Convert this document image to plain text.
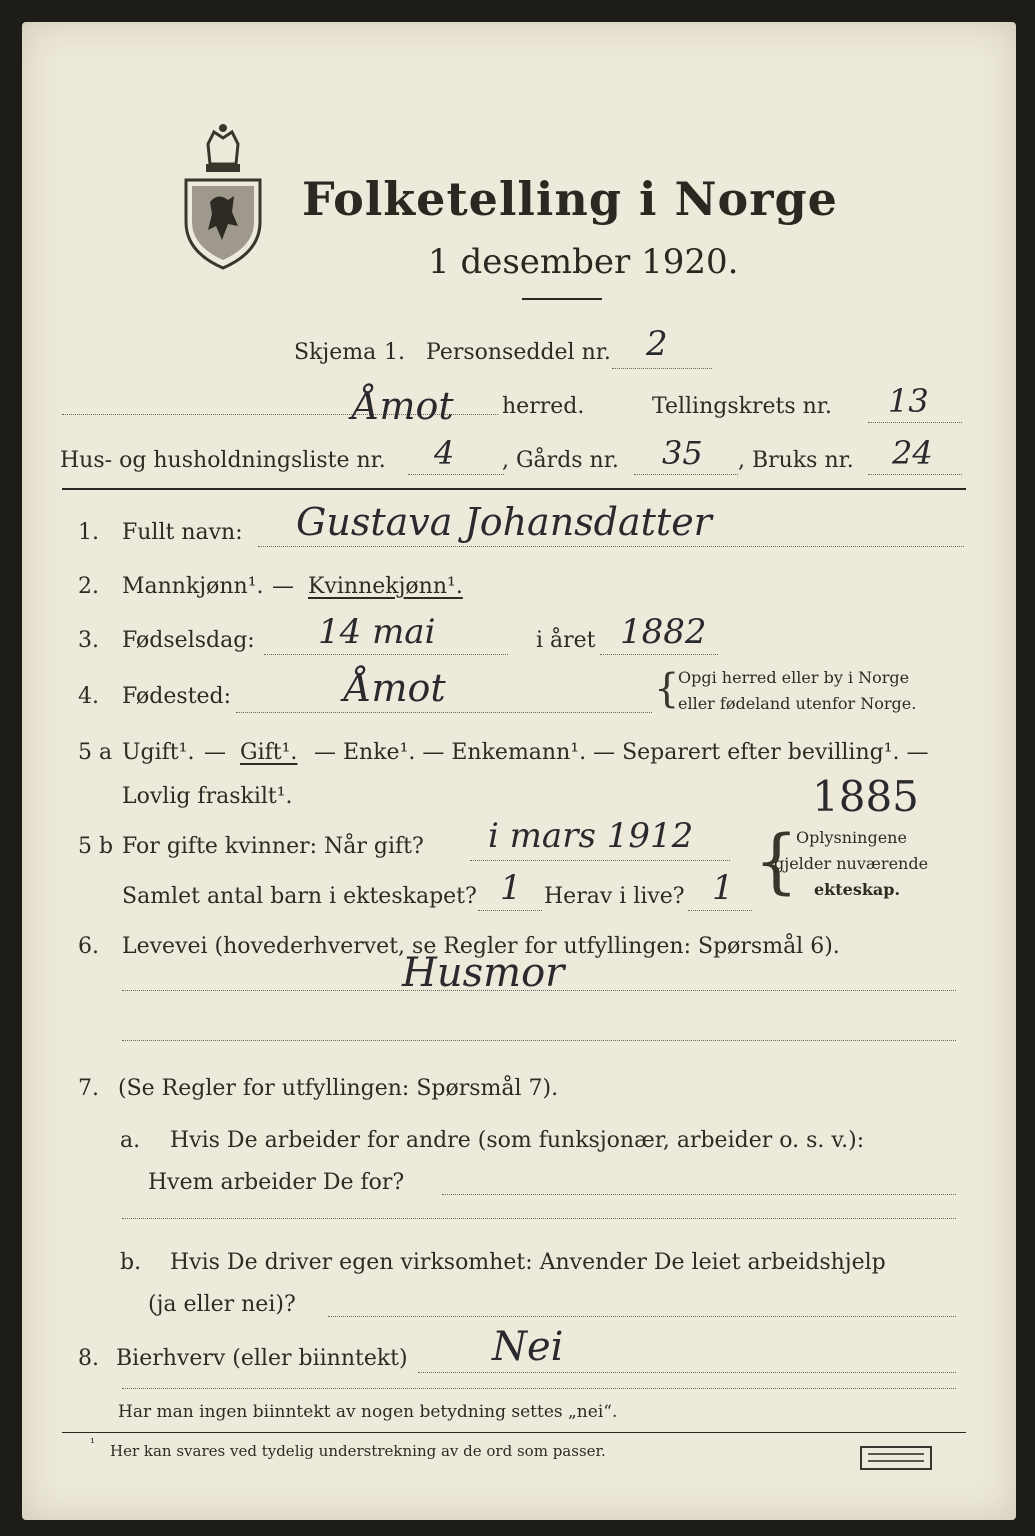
Folketelling i Norge
1 desember 1920.
Skjema 1. Personseddel nr. 2
Åmot herred.	Tellingskrets nr. 13
Hus- og husholdningsliste nr. 4 , Gårds nr. 35 , Bruks nr. 24
1. Fullt navn: Gustava Johansdatter
2. Mannkjønn¹. — Kvinnekjønn¹.
3. Fødselsdag: 14 mai	i året 1882
4. Fødested:	Åmot	{
Opgi herred eller by i Norge
eller fødeland utenfor Norge.
5 a Ugift¹. — Gift¹. — Enke¹. — Enkemann¹. — Separert efter bevilling¹. —
Lovlig fraskilt¹.
5 b For gifte kvinner: Når gift? i mars 1912
1885
Samlet antal barn i ekteskapet? 1 Herav i live? 1 {
Oplysningene
gjelder nuværende
ekteskap.
6. Levevei (hovederhvervet, se Regler for utfyllingen: Spørsmål 6).
Husmor
7. (Se Regler for utfyllingen: Spørsmål 7).
a. Hvis De arbeider for andre (som funksjonær, arbeider o. s. v.):
Hvem arbeider De for?
b. Hvis De driver egen virksomhet: Anvender De leiet arbeidshjelp
(ja eller nei)?
8. Bierhverv (eller biinntekt) Nei
Har man ingen biinntekt av nogen betydning settes „nei“.
¹ Her kan svares ved tydelig understrekning av de ord som passer.
